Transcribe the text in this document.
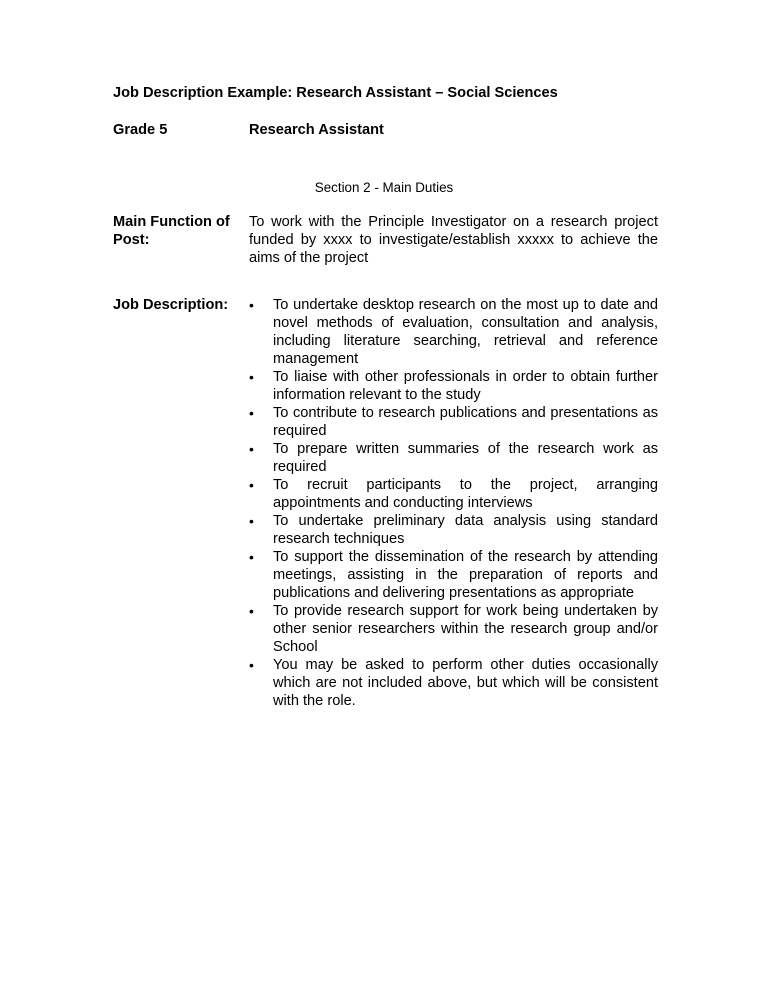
Job Description Example: Research Assistant – Social Sciences
Grade 5	Research Assistant
Section 2 - Main Duties
Main Function of Post:
To work with the Principle Investigator on a research project funded by xxxx to investigate/establish xxxxx to achieve the aims of the project
Job Description:	• To undertake desktop research on the most up to date and novel methods of evaluation, consultation and analysis, including literature searching, retrieval and reference management
• To liaise with other professionals in order to obtain further information relevant to the study
• To contribute to research publications and presentations as required
• To prepare written summaries of the research work as required
• To recruit participants to the project, arranging appointments and conducting interviews
• To undertake preliminary data analysis using standard research techniques
• To support the dissemination of the research by attending meetings, assisting in the preparation of reports and publications and delivering presentations as appropriate
• To provide research support for work being undertaken by other senior researchers within the research group and/or School
• You may be asked to perform other duties occasionally which are not included above, but which will be consistent with the role.
